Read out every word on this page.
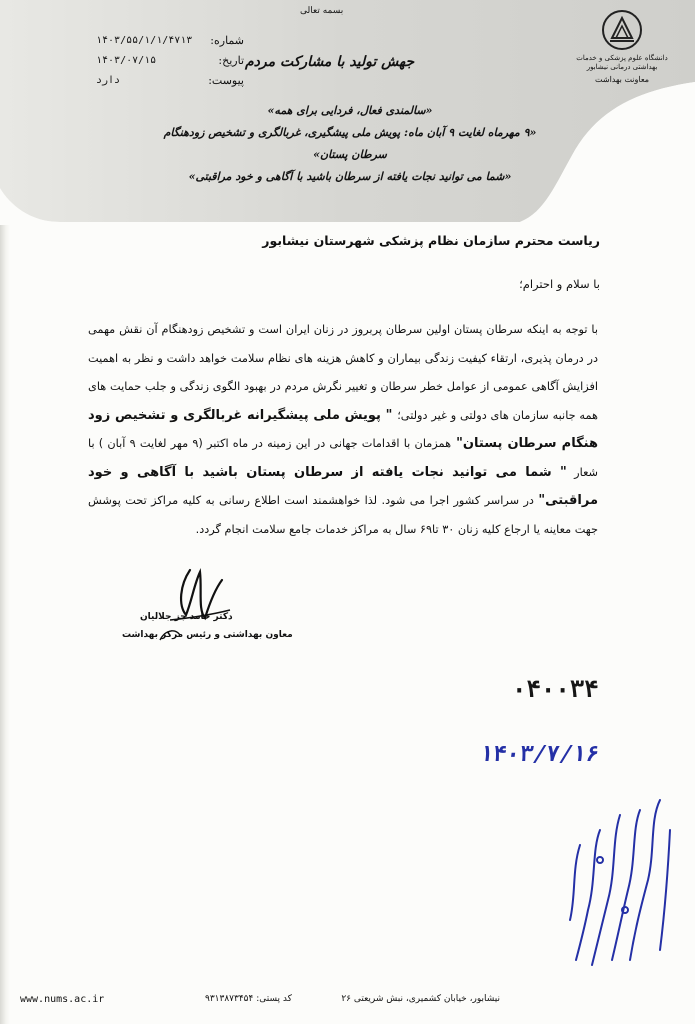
بسمه تعالی
دانشگاه علوم پزشکی و خدمات بهداشتی درمانی نیشابور
معاونت بهداشت
جهش تولید با مشارکت مردم
شماره:
۱۴۰۳/۵۵/۱/۱/۴۷۱۳
تاریخ:
۱۴۰۳/۰۷/۱۵
پیوست:
دارد
«سالمندی فعال، فردایی برای همه»
«۹ مهرماه لغایت ۹ آبان ماه: پویش ملی پیشگیری، غربالگری و تشخیص زودهنگام سرطان پستان»
«شما می توانید نجات یافته از سرطان باشید با آگاهی و خود مراقبتی»
ریاست محترم سازمان نظام پزشکی شهرستان نیشابور
با سلام و احترام؛
با توجه به اینکه سرطان پستان اولین سرطان پربروز در زنان ایران است و تشخیص زودهنگام آن نقش مهمی در درمان پذیری، ارتقاء کیفیت زندگی بیماران و کاهش هزینه های نظام سلامت خواهد داشت و نظر به اهمیت افزایش آگاهی عمومی از عوامل خطر سرطان و تغییر نگرش مردم در بهبود الگوی زندگی و جلب حمایت های همه جانبه سازمان های دولتی و غیر دولتی؛ " پویش ملی پیشگیرانه غربالگری و تشخیص زود هنگام سرطان پستان" همزمان با اقدامات جهانی در این زمینه در ماه اکتبر (۹ مهر لغایت ۹ آبان ) با شعار " شما می توانید نجات یافته از سرطان پستان باشید با آگاهی و خود مراقبتی" در سراسر کشور اجرا می شود. لذا خواهشمند است اطلاع رسانی به کلیه مراکز تحت پوشش جهت معاینه یا ارجاع کلیه زنان ۳۰ تا۶۹ سال به مراکز خدمات جامع سلامت انجام گردد.
دکتر حامد جز جلالیان
معاون بهداشتی و رئیس مرکز بهداشت
۰۴۰۰۳۴
۱۴۰۳/۷/۱۶
www.nums.ac.ir	کد پستی: ۹۳۱۳۸۷۳۴۵۴	نیشابور، خیابان کشمیری، نبش شریعتی ۲۶
